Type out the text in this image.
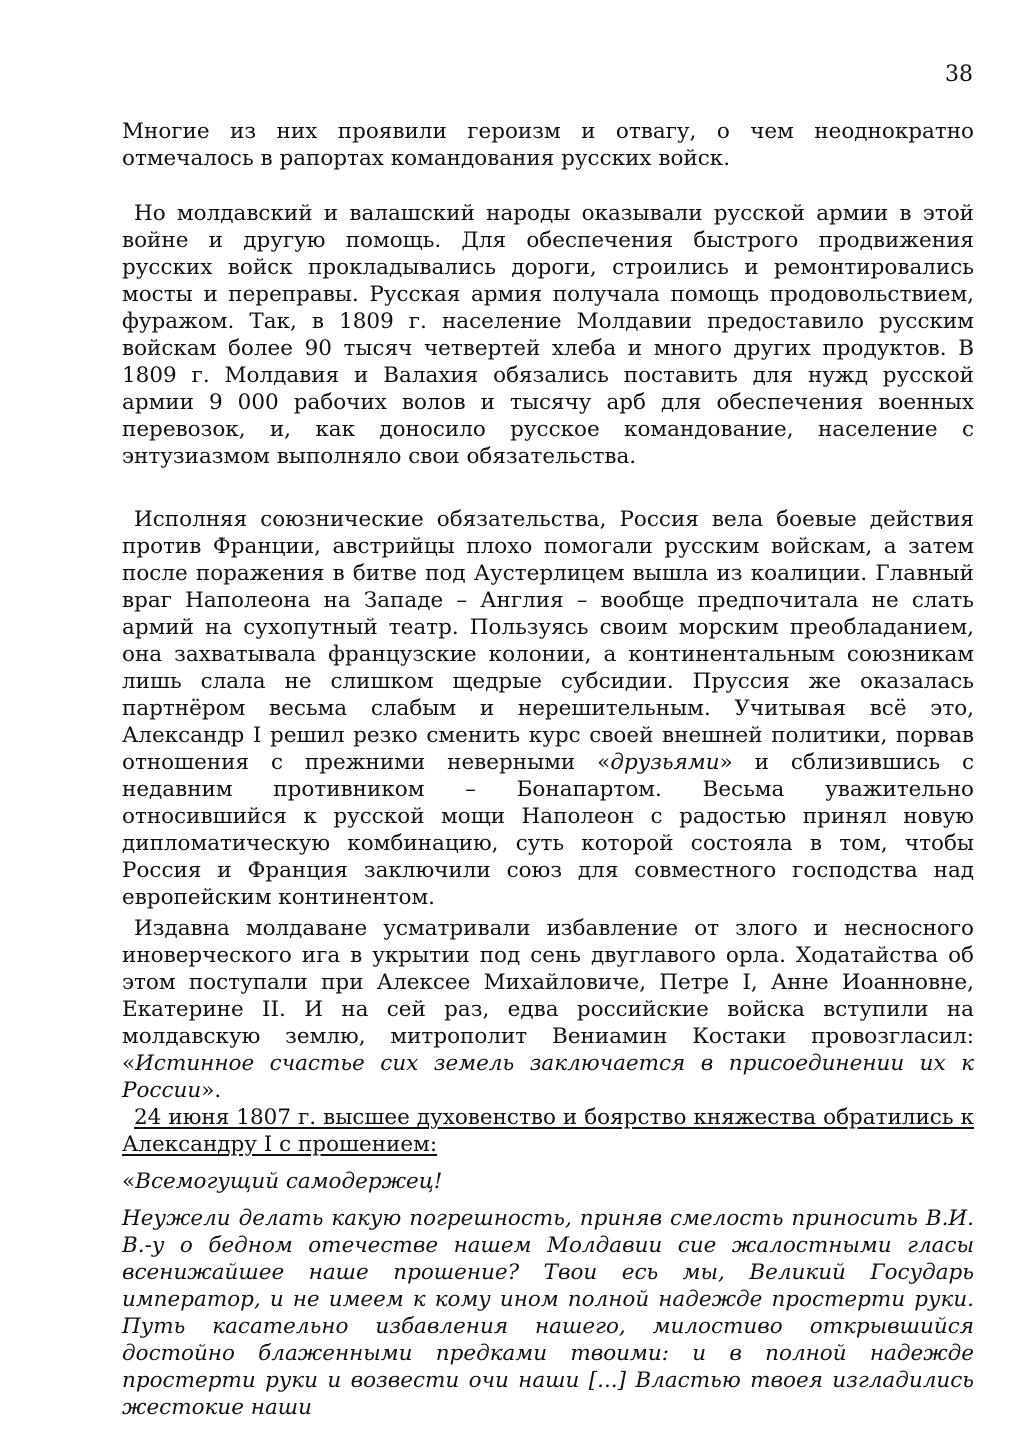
38

Многие из них проявили героизм и отвагу, о чем неоднократно отмечалось в рапортах командования русских войск.

Но молдавский и валашский народы оказывали русской армии в этой войне и другую помощь. Для обеспечения быстрого продвижения русских войск прокладывались дороги, строились и ремонтировались мосты и переправы. Русская армия получала помощь продовольствием, фуражом. Так, в 1809 г. население Молдавии предоставило русским войскам более 90 тысяч четвертей хлеба и много других продуктов. В 1809 г. Молдавия и Валахия обязались поставить для нужд русской армии 9 000 рабочих волов и тысячу арб для обеспечения военных перевозок, и, как доносило русское командование, население с энтузиазмом выполняло свои обязательства.

Исполняя союзнические обязательства, Россия вела боевые действия против Франции, австрийцы плохо помогали русским войскам, а затем после поражения в битве под Аустерлицем вышла из коалиции. Главный враг Наполеона на Западе – Англия – вообще предпочитала не слать армий на сухопутный театр. Пользуясь своим морским преобладанием, она захватывала французские колонии, а континентальным союзникам лишь слала не слишком щедрые субсидии. Пруссия же оказалась партнёром весьма слабым и нерешительным. Учитывая всё это, Александр I решил резко сменить курс своей внешней политики, порвав отношения с прежними неверными «друзьями» и сблизившись с недавним противником – Бонапартом. Весьма уважительно относившийся к русской мощи Наполеон с радостью принял новую дипломатическую комбинацию, суть которой состояла в том, чтобы Россия и Франция заключили союз для совместного господства над европейским континентом.

Издавна молдаване усматривали избавление от злого и несносного иноверческого ига в укрытии под сень двуглавого орла. Ходатайства об этом поступали при Алексее Михайловиче, Петре I, Анне Иоанновне, Екатерине II. И на сей раз, едва российские войска вступили на молдавскую землю, митрополит Вениамин Костаки провозгласил: «Истинное счастье сих земель заключается в присоединении их к России».

24 июня 1807 г. высшее духовенство и боярство княжества обратились к Александру I с прошением:

«Всемогущий самодержец!

Неужели делать какую погрешность, приняв смелость приносить В.И. В.-у о бедном отечестве нашем Молдавии сие жалостными гласы всенижайшее наше прошение? Твои есь мы, Великий Государь император, и не имеем к кому ином полной надежде простерти руки. Путь касательно избавления нашего, милостиво открывшийся достойно блаженными предками твоими: и в полной надежде простерти руки и возвести очи наши [...] Властью твоея изгладились жестокие наши
